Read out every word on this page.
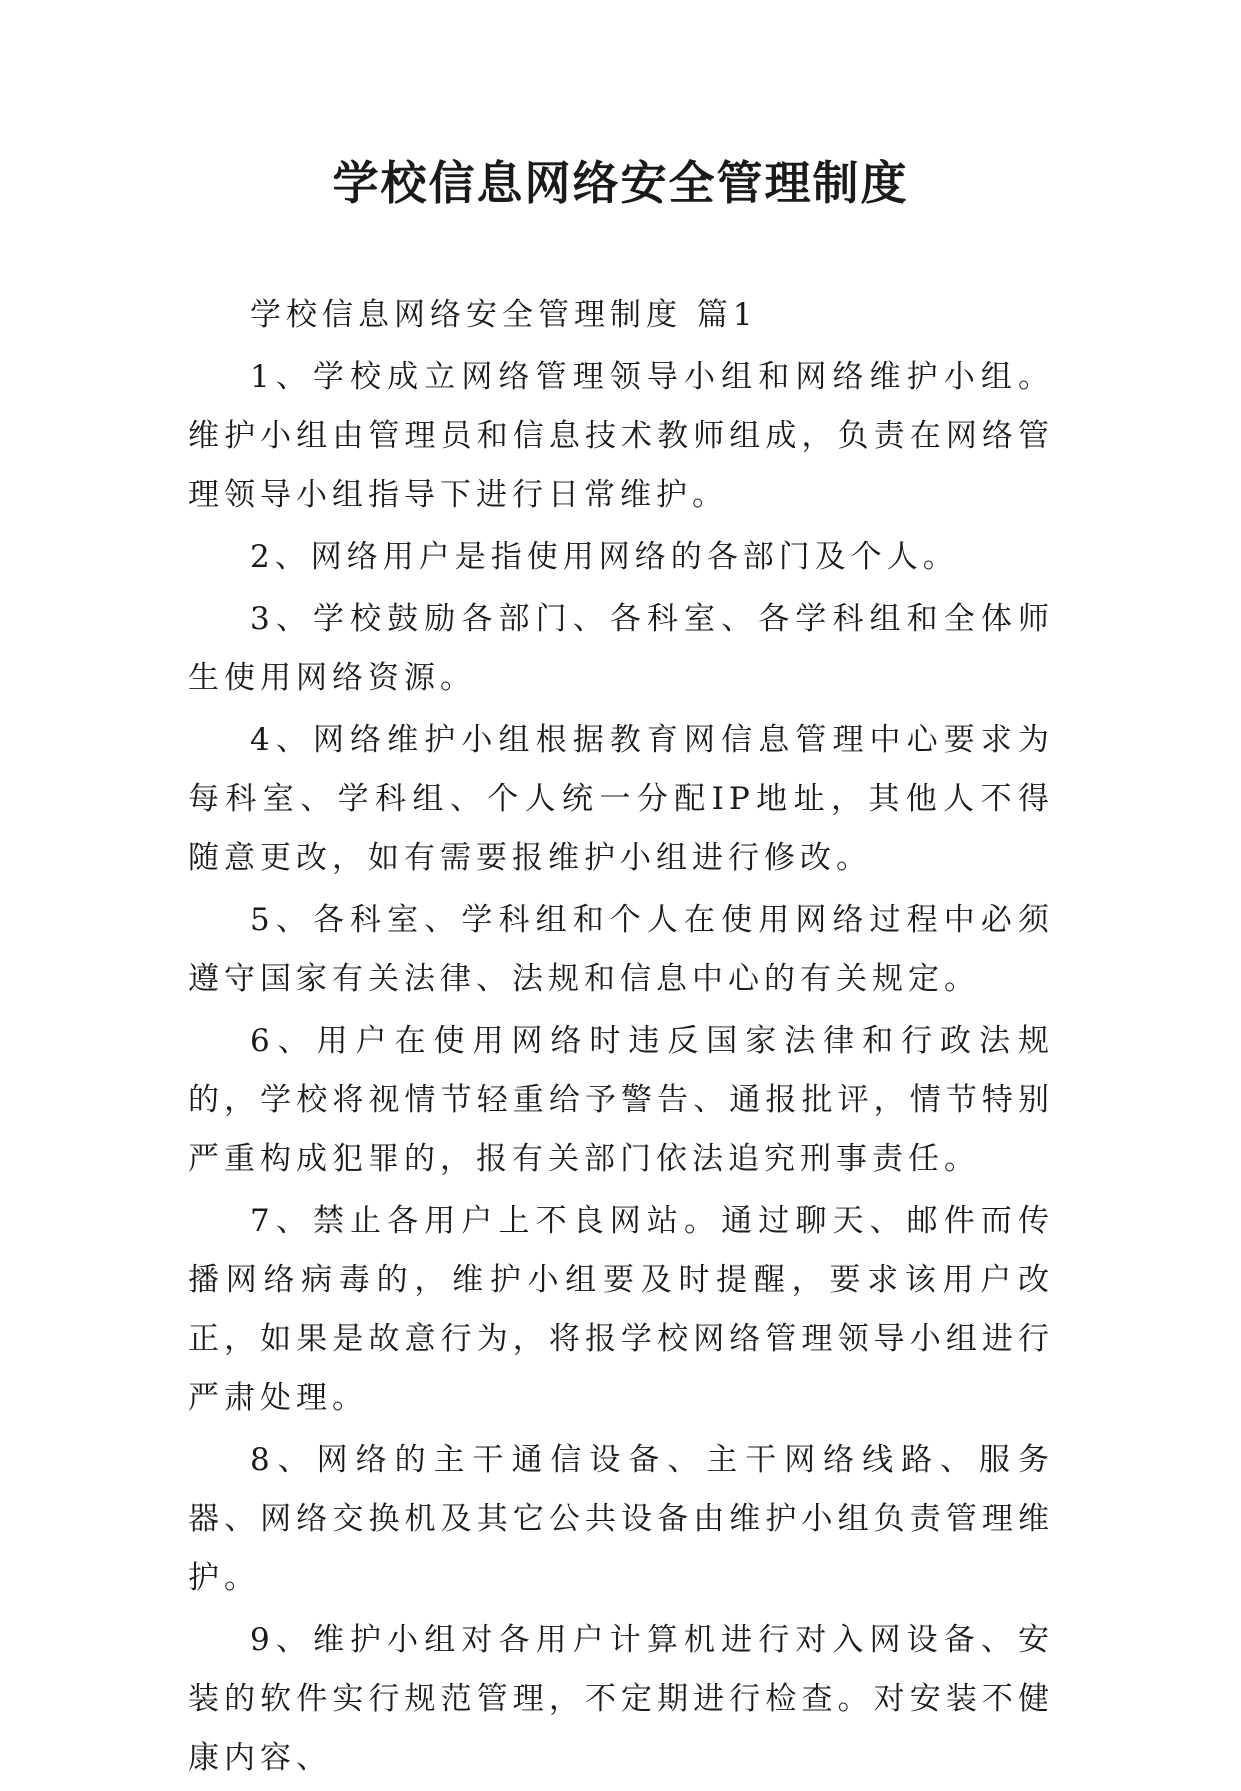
学校信息网络安全管理制度

学校信息网络安全管理制度 篇1

1、学校成立网络管理领导小组和网络维护小组。维护小组由管理员和信息技术教师组成，负责在网络管理领导小组指导下进行日常维护。

2、网络用户是指使用网络的各部门及个人。

3、学校鼓励各部门、各科室、各学科组和全体师生使用网络资源。

4、网络维护小组根据教育网信息管理中心要求为每科室、学科组、个人统一分配IP地址，其他人不得随意更改，如有需要报维护小组进行修改。

5、各科室、学科组和个人在使用网络过程中必须遵守国家有关法律、法规和信息中心的有关规定。

6、用户在使用网络时违反国家法律和行政法规的，学校将视情节轻重给予警告、通报批评，情节特别严重构成犯罪的，报有关部门依法追究刑事责任。

7、禁止各用户上不良网站。通过聊天、邮件而传播网络病毒的，维护小组要及时提醒，要求该用户改正，如果是故意行为，将报学校网络管理领导小组进行严肃处理。

8、网络的主干通信设备、主干网络线路、服务器、网络交换机及其它公共设备由维护小组负责管理维护。

9、维护小组对各用户计算机进行对入网设备、安装的软件实行规范管理，不定期进行检查。对安装不健康内容、
